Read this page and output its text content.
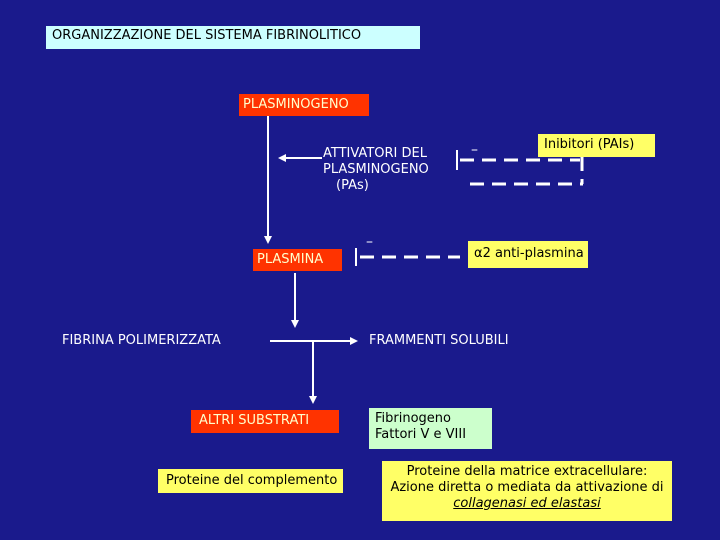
ORGANIZZAZIONE DEL SISTEMA FIBRINOLITICO
PLASMINOGENO
ATTIVATORI DEL
PLASMINOGENO
(PAs)
Inibitori (PAIs)
PLASMINA	α2 anti-plasmina
FIBRINA POLIMERIZZATA	FRAMMENTI SOLUBILI
ALTRI SUBSTRATI	Fibrinogeno
Fattori V e VIII
Proteine del complemento
Proteine della matrice extracellulare:
Azione diretta o mediata da attivazione di
collagenasi ed elastasi
–
–
